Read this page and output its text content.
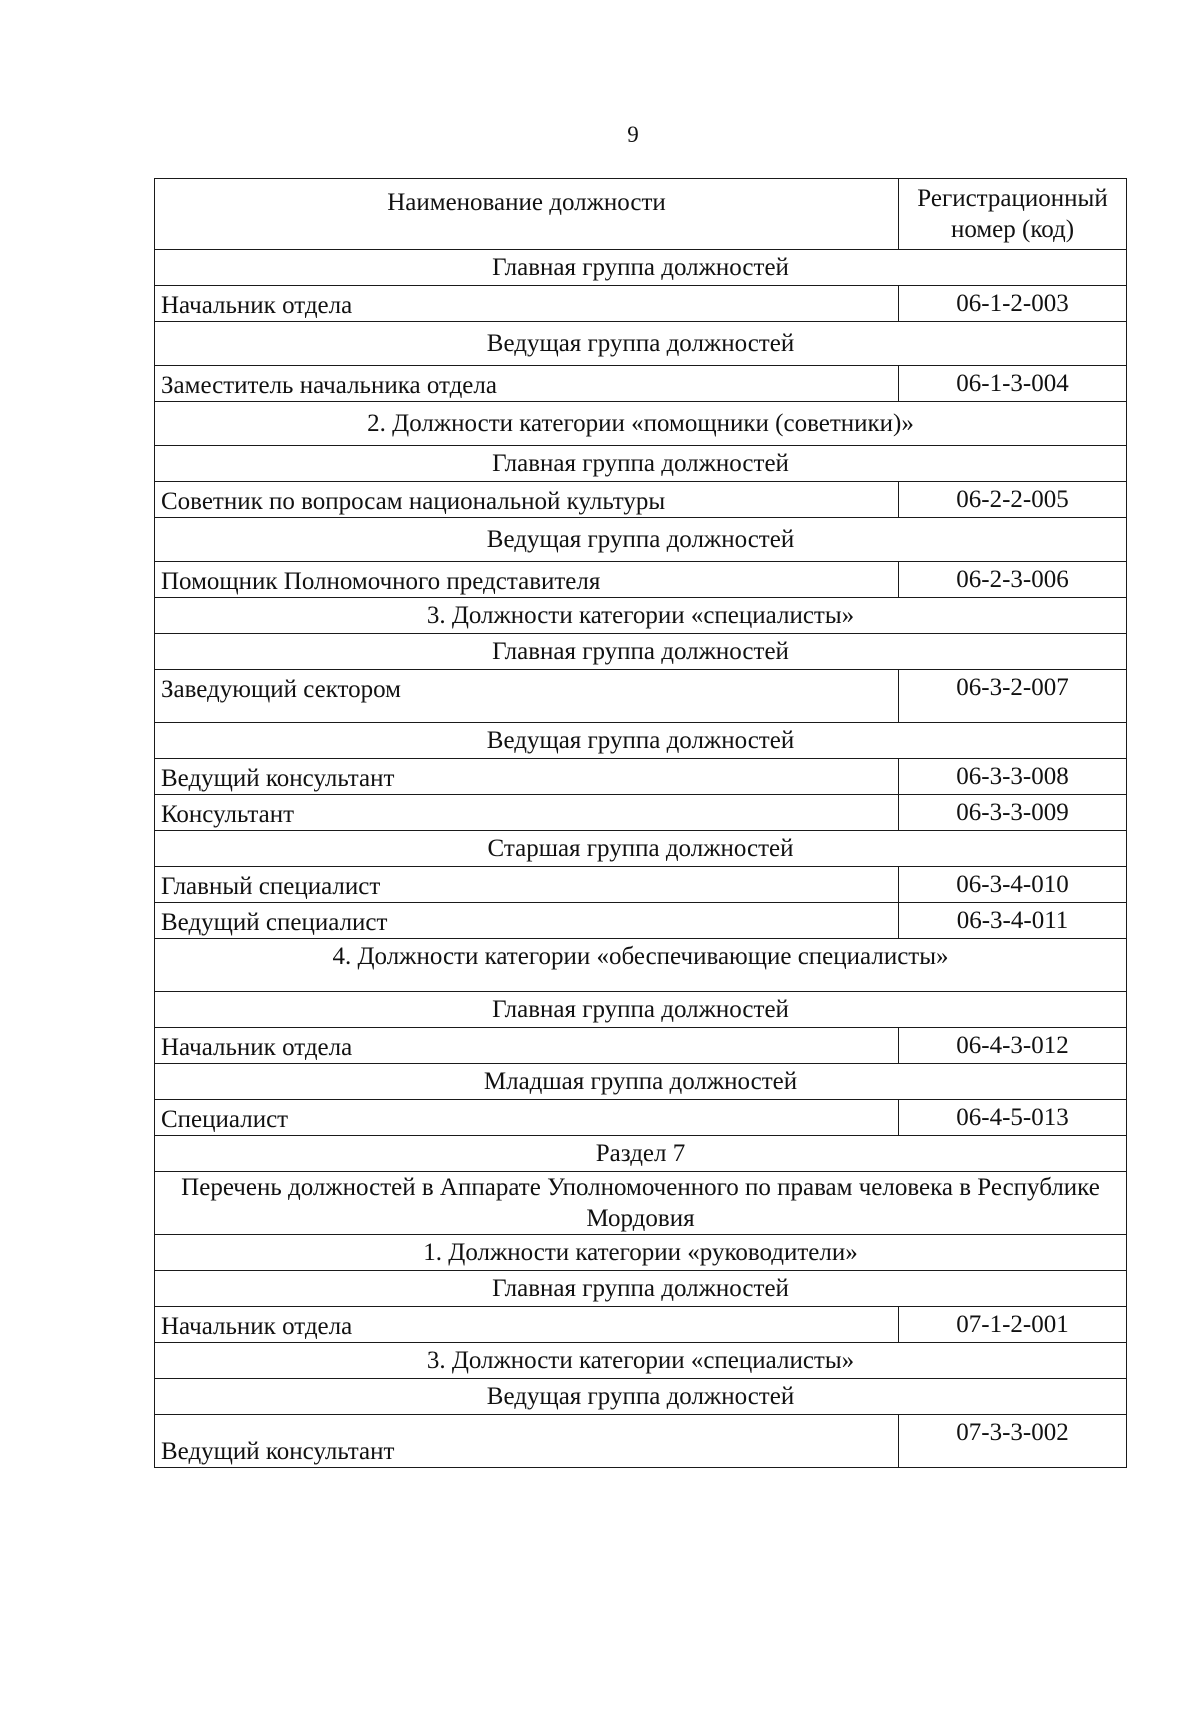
9
Наименование должности	Регистрационный номер (код)
Главная группа должностей	
Начальник отдела	06-1-2-003
Ведущая группа должностей	
Заместитель начальника отдела	06-1-3-004
2. Должности категории «помощники (советники)»	
Главная группа должностей	
Советник по вопросам национальной культуры	06-2-2-005
Ведущая группа должностей	
Помощник Полномочного представителя	06-2-3-006
3. Должности категории «специалисты»	
Главная группа должностей	
Заведующий сектором	06-3-2-007
Ведущая группа должностей	
Ведущий консультант	06-3-3-008
Консультант	06-3-3-009
Старшая группа должностей	
Главный специалист	06-3-4-010
Ведущий специалист	06-3-4-011
4. Должности категории «обеспечивающие специалисты»	
Главная группа должностей	
Начальник отдела	06-4-3-012
Младшая группа должностей	
Специалист	06-4-5-013
Раздел 7	
Перечень должностей в Аппарате Уполномоченного по правам человека в Республике Мордовия	
1. Должности категории «руководители»	
Главная группа должностей	
Начальник отдела	07-1-2-001
3. Должности категории «специалисты»	
Ведущая группа должностей	
Ведущий консультант	07-3-3-002
